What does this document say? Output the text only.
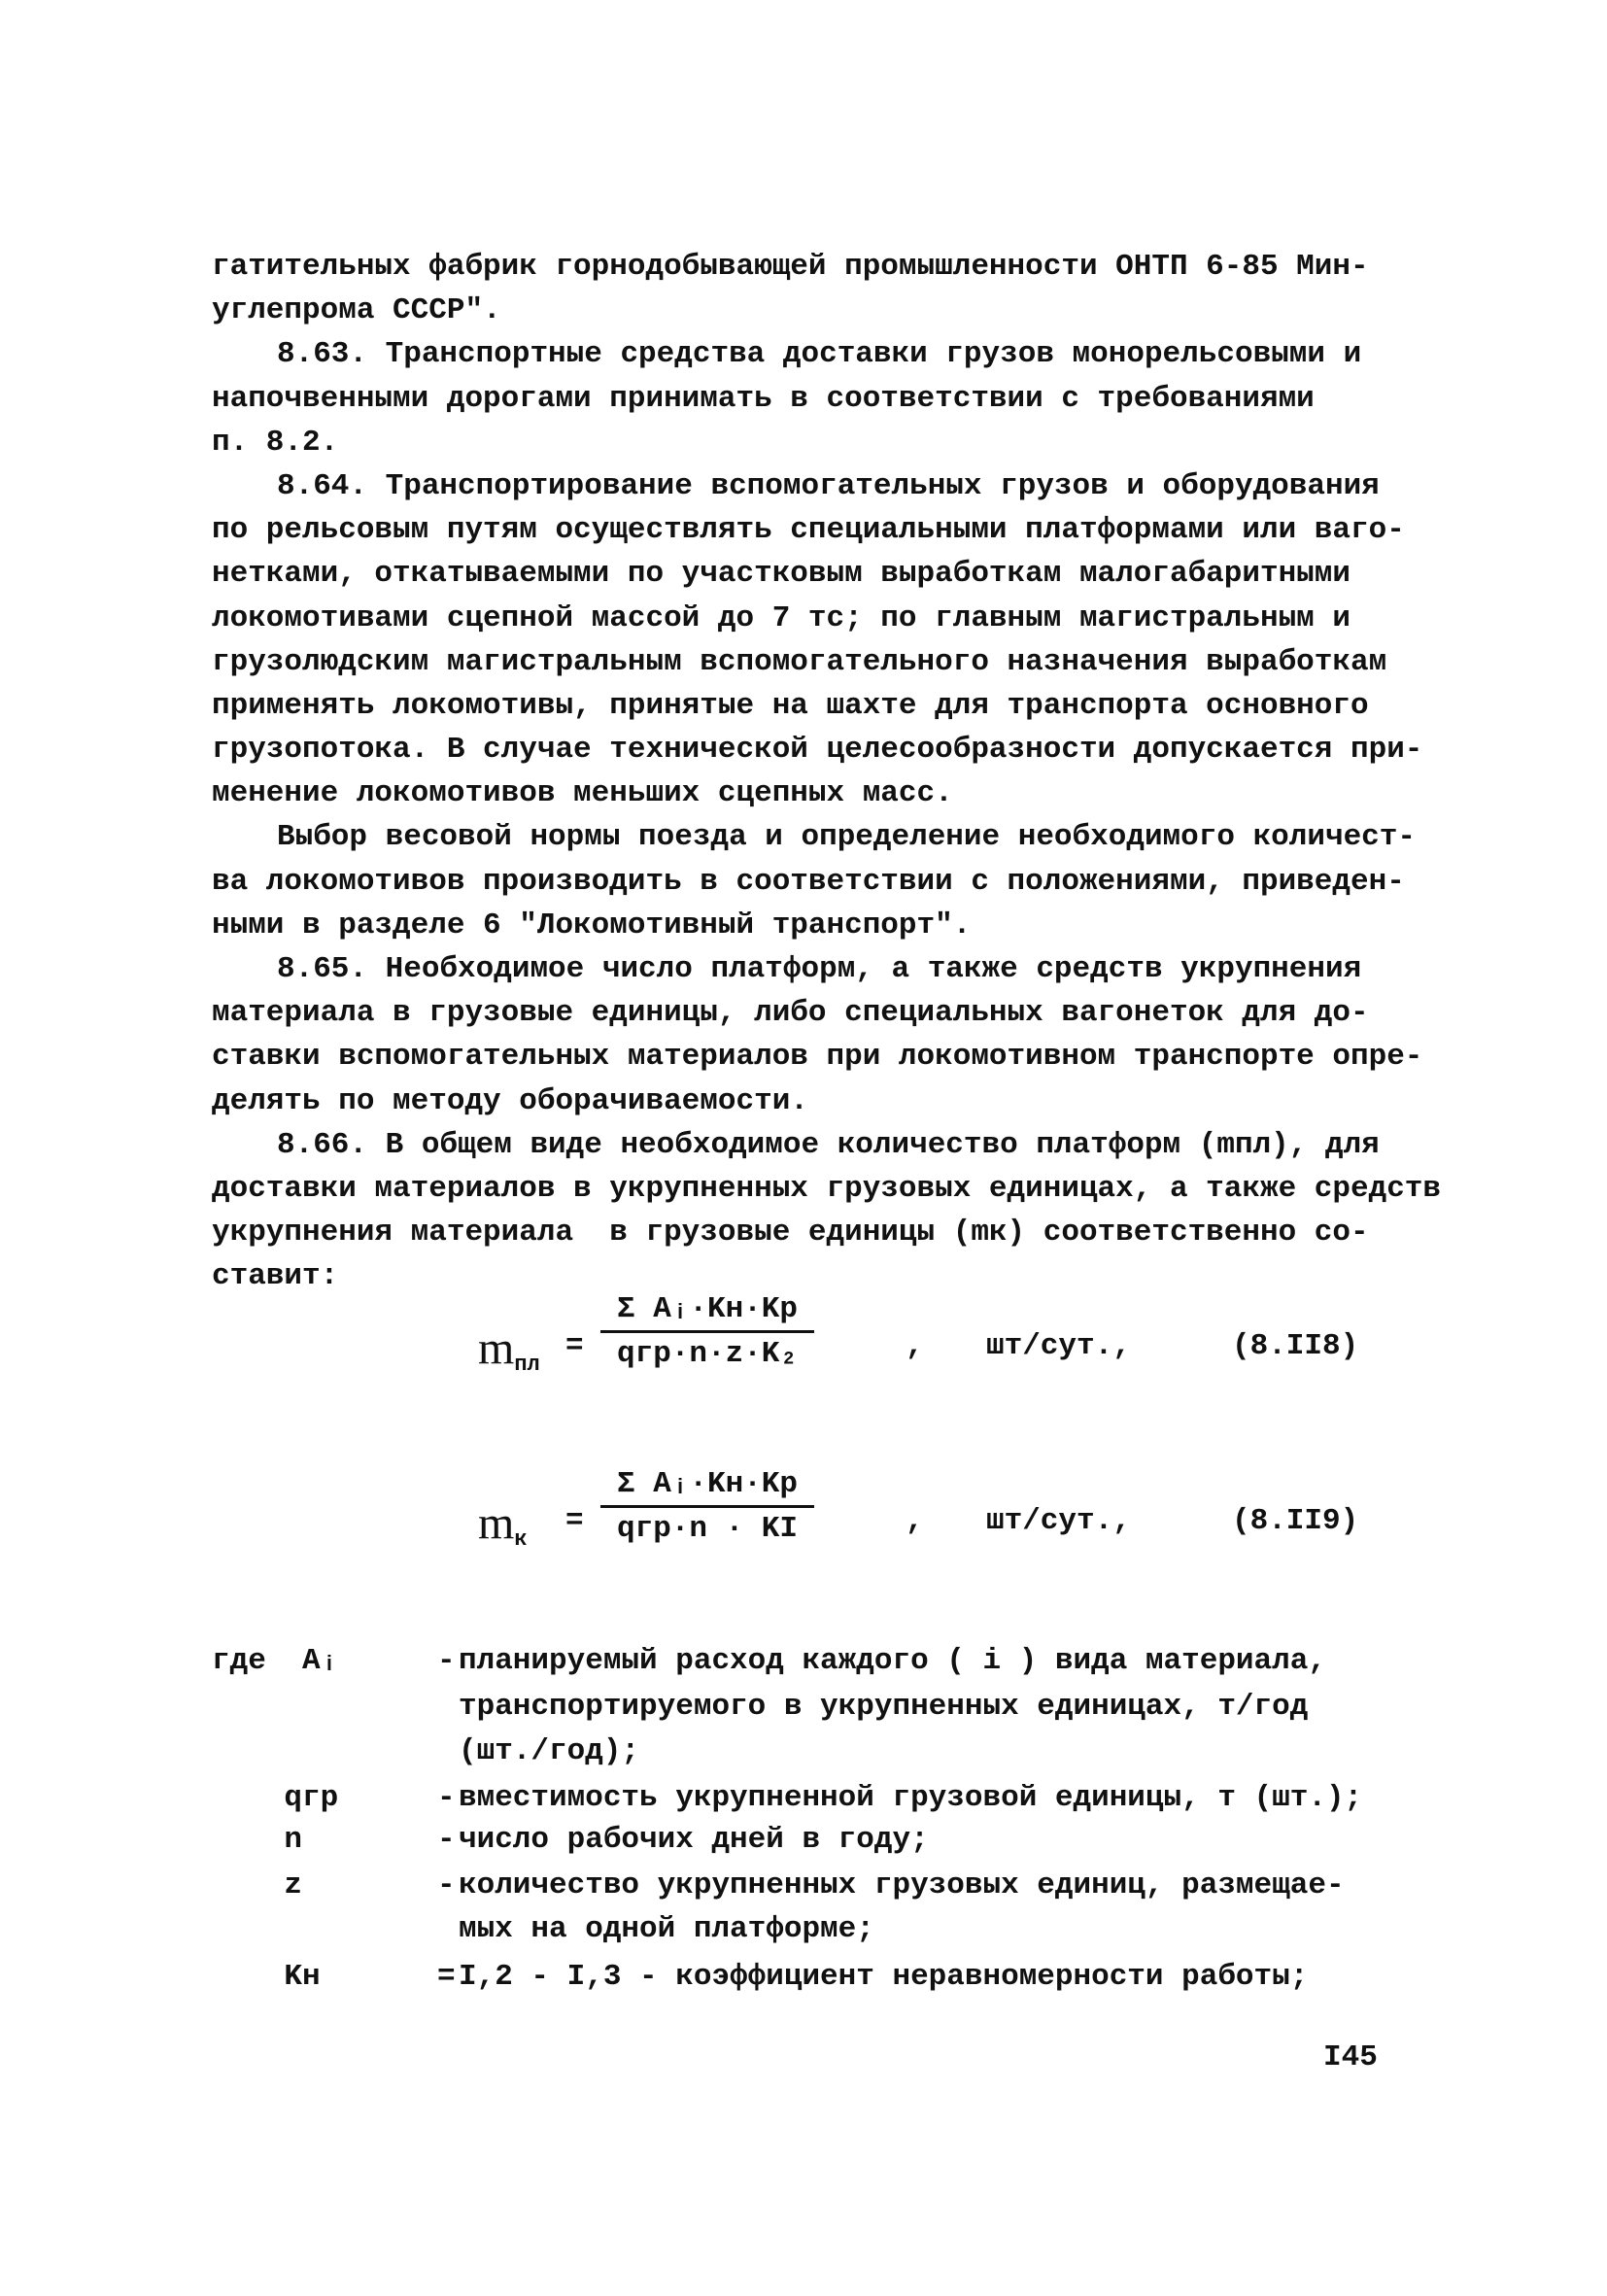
гатительных фабрик горнодобывающей промышленности ОНТП 6-85 Мин-
углепрома СССР".
8.63. Транспортные средства доставки грузов монорельсовыми и
напочвенными дорогами принимать в соответствии с требованиями
п. 8.2.
8.64. Транспортирование вспомогательных грузов и оборудования
по рельсовым путям осуществлять специальными платформами или ваго-
нетками, откатываемыми по участковым выработкам малогабаритными
локомотивами сцепной массой до 7 тс; по главным магистральным и
грузолюдским магистральным вспомогательного назначения выработкам
применять локомотивы, принятые на шахте для транспорта основного
грузопотока. В случае технической целесообразности допускается при-
менение локомотивов меньших сцепных масс.
Выбор весовой нормы поезда и определение необходимого количест-
ва локомотивов производить в соответствии с положениями, приведен-
ными в разделе 6 "Локомотивный транспорт".
8.65. Необходимое число платформ, а также средств укрупнения
материала в грузовые единицы, либо специальных вагонеток для до-
ставки вспомогательных материалов при локомотивном транспорте опре-
делять по методу оборачиваемости.
8.66. В общем виде необходимое количество платформ (mпл), для
доставки материалов в укрупненных грузовых единицах, а также средств
укрупнения материала  в грузовые единицы (mк) соответственно со-
ставит:
$m_{пл}$
=
Σ Aᵢ·Kн·Kр
qгр·n·z·K₂	, шт/сут.,	(8.II8)
$m_к$
=
Σ Aᵢ·Kн·Kр
qгр·n · KI	, шт/сут.,	(8.II9)
где  Aᵢ	- планируемый расход каждого ( i ) вида материала,
транспортируемого в укрупненных единицах, т/год
(шт./год);
qгр	- вместимость укрупненной грузовой единицы, т (шт.);
n	- число рабочих дней в году;
z	- количество укрупненных грузовых единиц, размещае-
мых на одной платформе;
Kн	= I,2 - I,3 - коэффициент неравномерности работы;
I45
